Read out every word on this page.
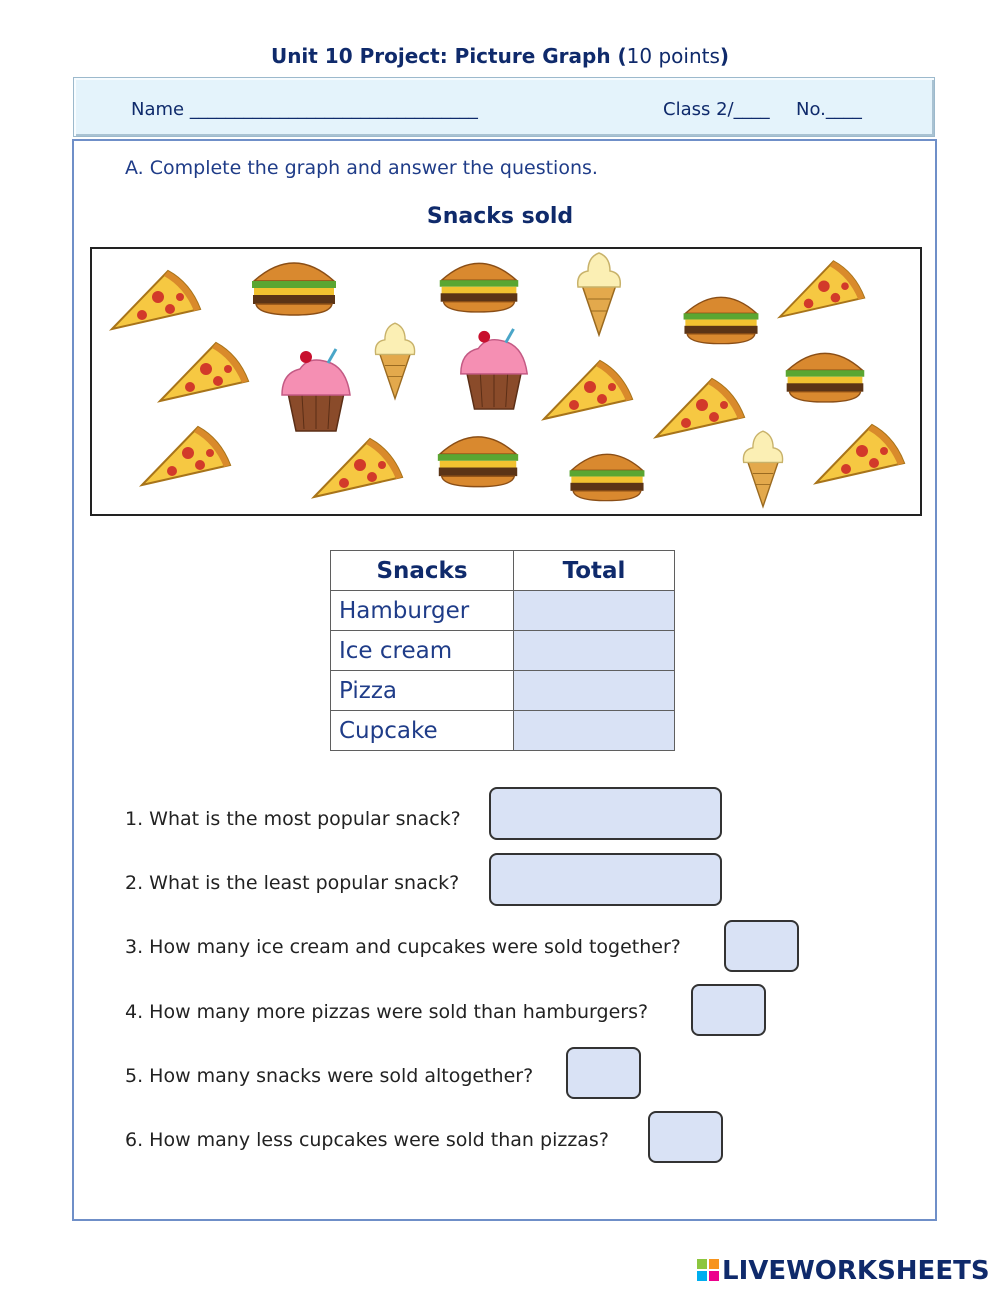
Unit 10 Project: Picture Graph (10 points)
Name ________________________________	Class 2/____ No.____
A. Complete the graph and answer the questions.
Snacks sold
Snacks	Total
Hamburger	
Ice cream	
Pizza	
Cupcake	
1. What is the most popular snack?
2. What is the least popular snack?
3. How many ice cream and cupcakes were sold together?
4. How many more pizzas were sold than hamburgers?
5. How many snacks were sold altogether?
6. How many less cupcakes were sold than pizzas?
LIVEWORKSHEETS
